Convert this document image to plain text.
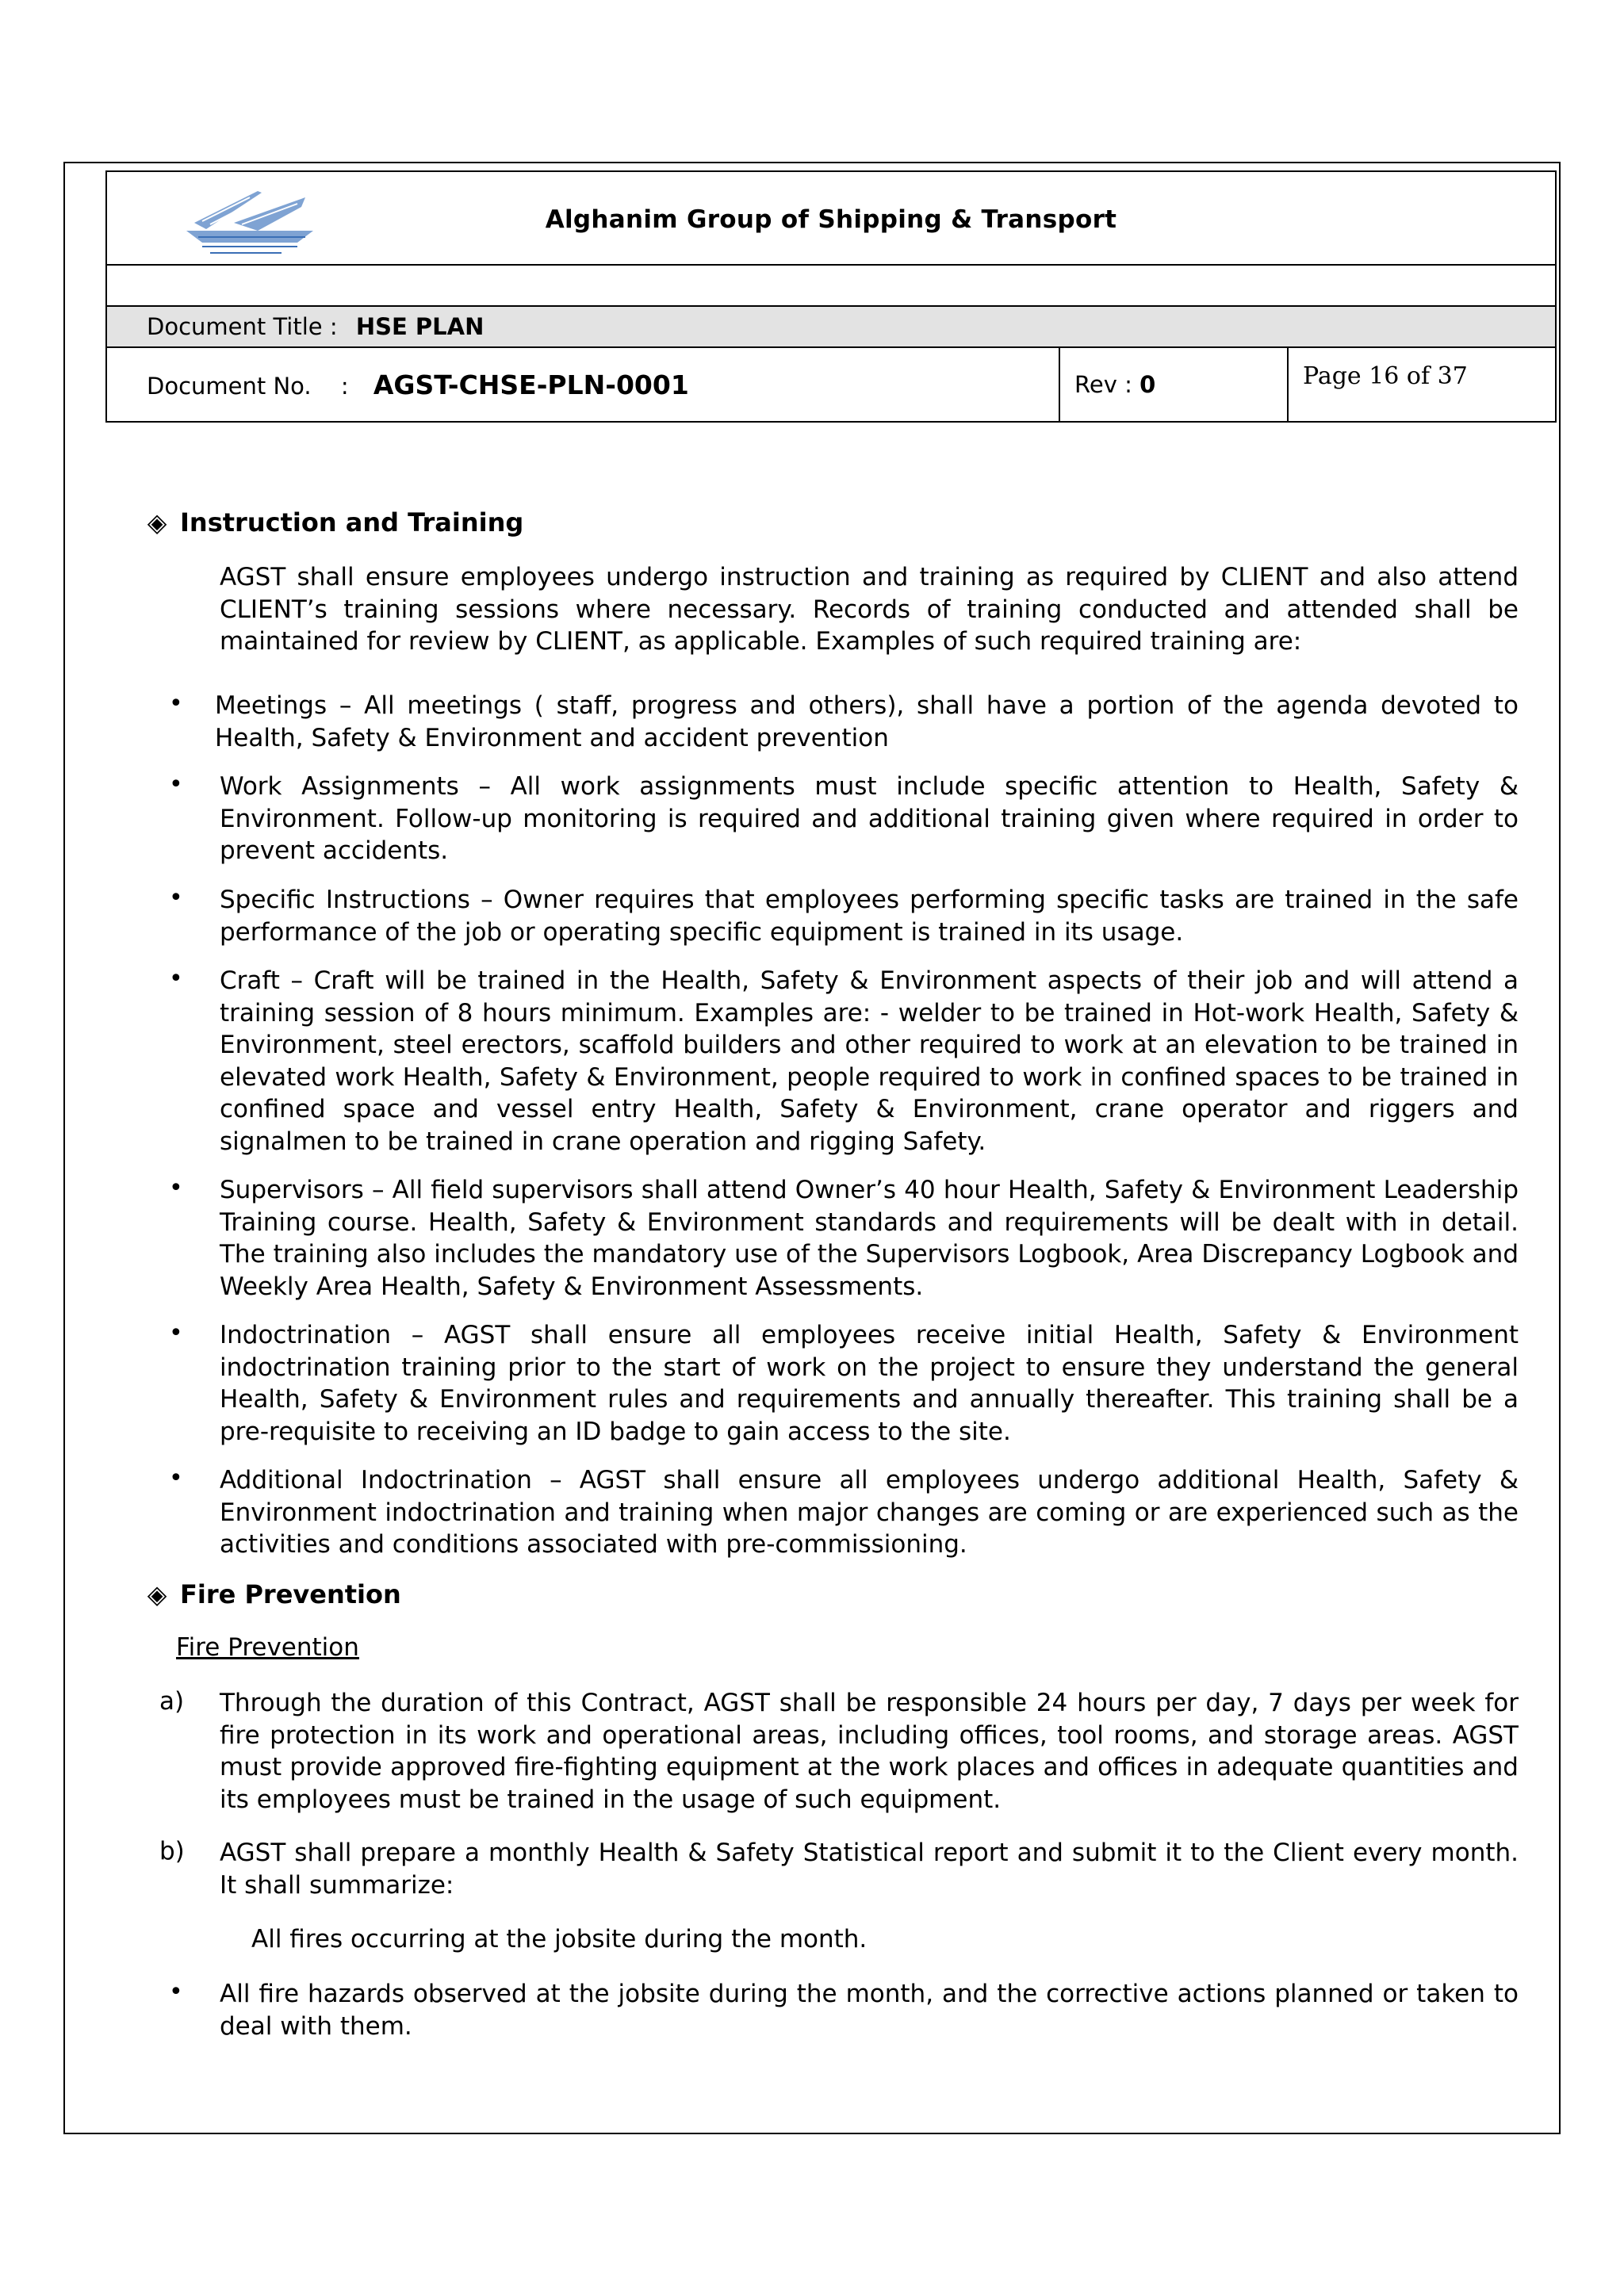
Alghanim Group of Shipping & Transport

Document Title : HSE PLAN
Document No. : AGST-CHSE-PLN-0001	Rev : 0	Page 16 of 37
◈ Instruction and Training
AGST shall ensure employees undergo instruction and training as required by CLIENT and also attend CLIENT’s training sessions where necessary. Records of training conducted and attended shall be maintained for review by CLIENT, as applicable. Examples of such required training are:
• Meetings – All meetings ( staff, progress and others), shall have a portion of the agenda devoted to Health, Safety & Environment and accident prevention
• Work Assignments – All work assignments must include specific attention to Health, Safety & Environment. Follow-up monitoring is required and additional training given where required in order to prevent accidents.
• Specific Instructions – Owner requires that employees performing specific tasks are trained in the safe performance of the job or operating specific equipment is trained in its usage.
• Craft – Craft will be trained in the Health, Safety & Environment aspects of their job and will attend a training session of 8 hours minimum. Examples are: - welder to be trained in Hot-work Health, Safety & Environment, steel erectors, scaffold builders and other required to work at an elevation to be trained in elevated work Health, Safety & Environment, people required to work in confined spaces to be trained in confined space and vessel entry Health, Safety & Environment, crane operator and riggers and signalmen to be trained in crane operation and rigging Safety.
• Supervisors – All field supervisors shall attend Owner’s 40 hour Health, Safety & Environment Leadership Training course. Health, Safety & Environment standards and requirements will be dealt with in detail. The training also includes the mandatory use of the Supervisors Logbook, Area Discrepancy Logbook and Weekly Area Health, Safety & Environment Assessments.
• Indoctrination – AGST shall ensure all employees receive initial Health, Safety & Environment indoctrination training prior to the start of work on the project to ensure they understand the general Health, Safety & Environment rules and requirements and annually thereafter. This training shall be a pre-requisite to receiving an ID badge to gain access to the site.
• Additional Indoctrination – AGST shall ensure all employees undergo additional Health, Safety & Environment indoctrination and training when major changes are coming or are experienced such as the activities and conditions associated with pre-commissioning.
◈ Fire Prevention
Fire Prevention
a) Through the duration of this Contract, AGST shall be responsible 24 hours per day, 7 days per week for fire protection in its work and operational areas, including offices, tool rooms, and storage areas. AGST must provide approved fire-fighting equipment at the work places and offices in adequate quantities and its employees must be trained in the usage of such equipment.
b) AGST shall prepare a monthly Health & Safety Statistical report and submit it to the Client every month. It shall summarize:
All fires occurring at the jobsite during the month.
• All fire hazards observed at the jobsite during the month, and the corrective actions planned or taken to deal with them.
